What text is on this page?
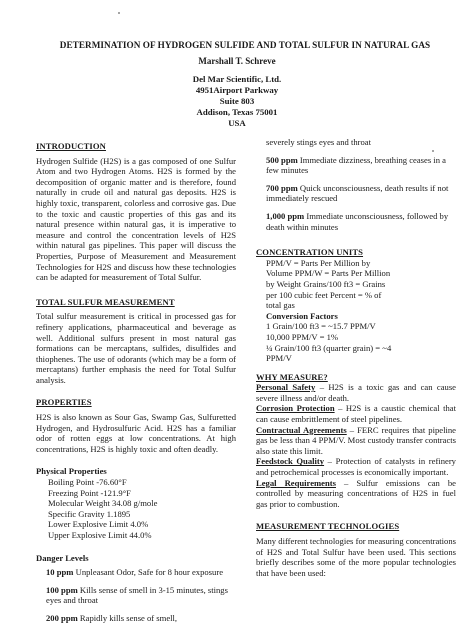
DETERMINATION OF HYDROGEN SULFIDE AND TOTAL SULFUR IN NATURAL GAS
Marshall T. Schreve
Del Mar Scientific, Ltd.
4951Airport Parkway
Suite 803
Addison, Texas 75001
USA

INTRODUCTION

Hydrogen Sulfide (H2S) is a gas composed of one Sulfur Atom and two Hydrogen Atoms. H2S is formed by the decomposition of organic matter and is therefore, found naturally in crude oil and natural gas deposits. H2S is highly toxic, transparent, colorless and corrosive gas. Due to the toxic and caustic properties of this gas and its natural presence within natural gas, it is imperative to measure and control the concentration levels of H2S within natural gas pipelines. This paper will discuss the Properties, Purpose of Measurement and Measurement Technologies for H2S and discuss how these technologies can be adapted for measurement of Total Sulfur.

TOTAL SULFUR MEASUREMENT

Total sulfur measurement is critical in processed gas for refinery applications, pharmaceutical and beverage as well. Additional sulfurs present in most natural gas formations can be mercaptans, sulfides, disulfides and thiophenes. The use of odorants (which may be a form of mercaptans) further emphasis the need for Total Sulfur analysis.

PROPERTIES

H2S is also known as Sour Gas, Swamp Gas, Sulfuretted Hydrogen, and Hydrosulfuric Acid. H2S has a familiar odor of rotten eggs at low concentrations. At high concentrations, H2S is highly toxic and often deadly.

Physical Properties

Boiling Point -76.60°F
Freezing Point -121.9°F
Molecular Weight 34.08 g/mole
Specific Gravity 1.1895
Lower Explosive Limit 4.0%
Upper Explosive Limit 44.0%

Danger Levels

10 ppm Unpleasant Odor, Safe for 8 hour exposure

100 ppm Kills sense of smell in 3-15 minutes, stings eyes and throat

200 ppm Rapidly kills sense of smell,

severely stings eyes and throat

500 ppm Immediate dizziness, breathing ceases in a few minutes

700 ppm Quick unconsciousness, death results if not immediately rescued

1,000 ppm Immediate unconsciousness, followed by death within minutes

CONCENTRATION UNITS

PPM/V = Parts Per Million by
Volume PPM/W = Parts Per Million
by Weight Grains/100 ft3 = Grains
per 100 cubic feet Percent = % of
total gas
Conversion Factors
1 Grain/100 ft3 = ~15.7 PPM/V
10,000 PPM/V = 1%
¼ Grain/100 ft3 (quarter grain) = ~4
PPM/V

WHY MEASURE?

Personal Safety – H2S is a toxic gas and can cause severe illness and/or death.

Corrosion Protection – H2S is a caustic chemical that can cause embrittlement of steel pipelines.

Contractual Agreements – FERC requires that pipeline gas be less than 4 PPM/V. Most custody transfer contracts also state this limit.

Feedstock Quality – Protection of catalysts in refinery and petrochemical processes is economically important.

Legal Requirements – Sulfur emissions can be controlled by measuring concentrations of H2S in fuel gas prior to combustion.

MEASUREMENT TECHNOLOGIES

Many different technologies for measuring concentrations of H2S and Total Sulfur have been used. This sections briefly describes some of the more popular technologies that have been used:
